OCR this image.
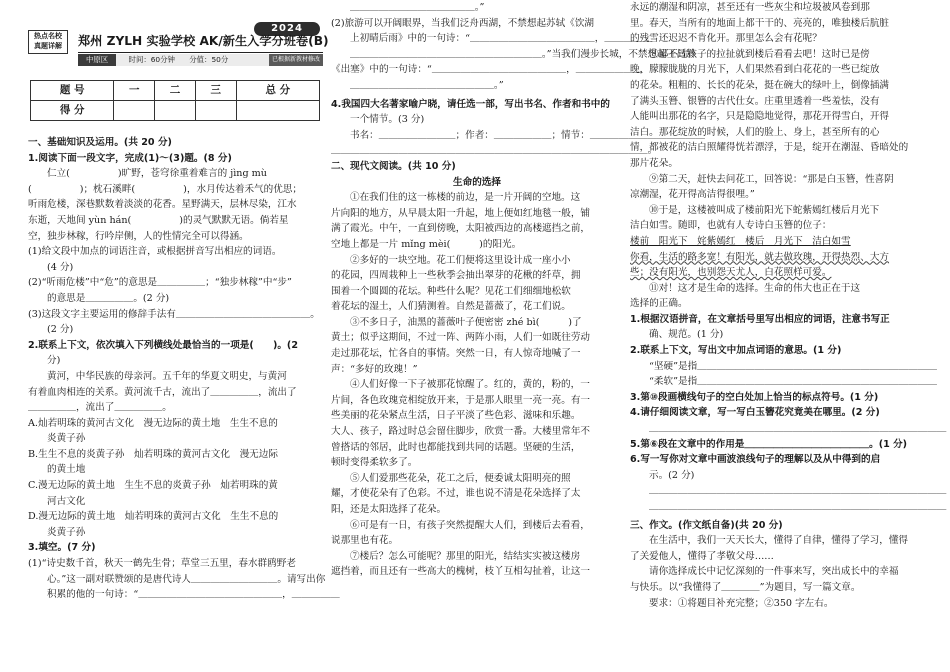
热点名校
真题详解
2024
郑州 ZYLH 实验学校 AK/新生入学分班卷(B)
中原区	时间：60分钟 分值：50分	已根据新教材修改
题 号	一	二	三	总 分
得 分				

一、基础知识及运用。(共 20 分)

1.阅读下面一段文字，完成(1)～(3)题。(8 分)

仁立(　　　　　)旷野，苍穹徐重着难言的 jìng mù

(　　　　　)；枕石溪畔(　　　　　)，水月传达着禾气的优思；

听雨危楼，深巷默数着淡淡的花香。星野满天，层林尽染，江水

东逝，天地间 yùn hán(　　　　　)的灵气默默无语。倘若星

空，独步林稼，行吟岸侧，人的性情完全可以得涵。

(1)给文段中加点的词语注音，或根据拼音写出相应的词语。

(4 分)

(2)“听雨危楼”中“危”的意思是＿＿＿＿＿；“独步林稼”中“步”

的意思是＿＿＿＿＿。(2 分)

(3)这段文字主要运用的修辞手法有＿＿＿＿＿＿＿＿＿＿＿＿＿＿。

(2 分)

2.联系上下文，依次填入下列横线处最恰当的一项是(　　)。(2

分)

黄河，中华民族的母亲河。五千年的华夏文明史，与黄河

有着血肉相连的关系。黄河流千古，流出了＿＿＿＿＿，流出了

＿＿＿＿＿，流出了＿＿＿＿＿。

A.灿若明珠的黄河古文化　漫无边际的黄土地　生生不息的

炎黄子孙

B.生生不息的炎黄子孙　灿若明珠的黄河古文化　漫无边际

的黄土地

C.漫无边际的黄土地　生生不息的炎黄子孙　灿若明珠的黄

河古文化

D.漫无边际的黄土地　灿若明珠的黄河古文化　生生不息的

炎黄子孙

3.填空。(7 分)

(1)“诗史数千首，秋天一鹤先生骨；草堂三五里，春水群鸥野老

心。”这一副对联赞颂的是唐代诗人＿＿＿＿＿＿＿＿＿。请写出你

积累的他的一句诗：“＿＿＿＿＿＿＿＿＿＿＿＿＿＿＿，＿＿＿＿＿

＿＿＿＿＿＿＿＿＿＿＿＿＿。”

(2)旅游可以开阔眼界，当我们泛舟西湖，不禁想起苏轼《饮湖

上初晴后雨》中的一句诗：“＿＿＿＿＿＿＿＿＿＿＿＿＿，＿＿＿＿＿

＿＿＿＿＿＿＿＿＿＿＿＿＿＿＿＿＿＿＿＿。”当我们漫步长城，不禁想起王昌龄

《出塞》中的一句诗：“＿＿＿＿＿＿＿＿＿＿＿＿＿＿，＿＿＿＿＿＿＿

＿＿＿＿＿＿＿＿＿＿＿＿＿＿＿。”

4.我国四大名著家喻户晓，请任选一部，写出书名、作者和书中的

一个情节。(3 分)

书名：＿＿＿＿＿＿＿＿；作者：＿＿＿＿＿＿；情节：＿＿＿＿＿＿＿＿＿＿＿＿

＿＿＿＿＿＿＿＿＿＿＿＿＿＿＿＿＿＿＿＿＿＿＿＿＿＿＿＿＿＿＿＿＿。

二、现代文阅读。(共 10 分)

生命的选择

①在我们住的这一栋楼的前边，是一片开阔的空地。这

片向阳的地方，从早晨太阳一升起，地上便如红地毯一般，铺

满了霞光。中午，一直到傍晚，太阳被西边的高楼遮挡之前，

空地上都是一片 mǐng mèi(　　　)的阳光。

②多好的一块空地。花工们便将这里设计成一座小小

的花园，四周栽种上一些秋季会抽出翠芽的花楸的纤草，拥

围着一个圆圆的花坛。种些什么呢？见花工们细细地松软

着花坛的湿土，人们猜测着。自然是蔷薇了，花工们说。

③不多日子，油黑的蔷薇叶子便密密 zhé bì(　　　)了

黄土；似乎这期间，不过一阵、两阵小雨，人们一如既往劳动

走过那花坛，忙各自的事情。突然一日，有人惊奇地喊了一

声：“多好的玫瑰！”

④人们好像一下子被那花惊醒了。红的，黄的，粉的，一

片间，各色玫瑰竞相绽放开来，于是那人眼里一亮一亮。有一

些美丽的花朵紧点生活，日子平淡了些色彩、滋味和乐趣。

大人、孩子，路过时总会留住脚步，欣赏一番。大楼里常年不

曾搭话的邻居，此时也都能找到共同的话题。坚硬的生活，

顿时变得柔软多了。

⑤人们爱那些花朵，花工之后，便委诚太阳明亮的照

耀，才使花朵有了色彩。不过，谁也说不清是花朵选择了太

阳，还是太阳选择了花朵。

⑥可是有一日，有孩子突然提醒大人们，到楼后去看看，

说那里也有花。

⑦楼后？怎么可能呢？那里的阳光，结结实实被这楼房

遮挡着，而且还有一些高大的槐树，枝丫互相勾扯着，让这一

永远的潮湿和阴凉，甚至还有一些灰尘和垃圾被风卷到那

里。春天，当所有的地面上都干干的、亮亮的，唯独楼后肮脏

的残雪还迟迟不肯化开。那里怎么会有花呢？

⑧鄙不过孩子的拉扯就到楼后看看去吧！这时已是傍

晚，朦朦胧胧的月光下，人们果然看到白花花的一些已绽放

的花朵。粗粗的、长长的花朵，挺在碗大的绿叶上，倒像插满

了满头玉簪、银簪的古代仕女。庄重里透着一些羞怯，没有

人能叫出那花的名字，只是隐隐地觉得，那花开得雪白，开得

洁白。那花绽放的时候，人们的脸上、身上，甚至所有的心

情，都被花的洁白照耀得恍若漂浮，于是，绽开在潮湿、昏暗处的

那片花朵。

⑨第二天，赶快去问花工，回答说：“那是白玉簪，性喜阴

凉潮湿，花开得高洁得很哩。”

⑩于是，这楼被叫成了楼前阳光下蛇紫嫣红楼后月光下

洁白如雪。随即，也就有人专诗白玉簪的位子：

楼前　阳光下　姹紫嫣红　楼后　月光下　洁白如雪

你看，生活的路多宽！有阳光，就去做玫瑰，开得热烈、大方

些；没有阳光，也别怨天尤人，白花照样可爱。

⑪对！这才是生命的选择。生命的伟大也正在于这

选择的正确。

1.根据汉语拼音，在文章括号里写出相应的词语，注意书写正

确、规范。(1 分)

2.联系上下文，写出文中加点词语的意思。(1 分)

“坚硬”是指＿＿＿＿＿＿＿＿＿＿＿＿＿＿＿＿＿＿＿＿＿＿＿＿＿

“柔软”是指＿＿＿＿＿＿＿＿＿＿＿＿＿＿＿＿＿＿＿＿＿＿＿＿＿

3.第⑩段画横线句子的空白处加上恰当的标点符号。(1 分)

4.请仔细阅读文章，写一写白玉簪花究竟美在哪里。(2 分)

＿＿＿＿＿＿＿＿＿＿＿＿＿＿＿＿＿＿＿＿＿＿＿＿＿＿＿＿＿＿＿

5.第⑥段在文章中的作用是＿＿＿＿＿＿＿＿＿＿＿＿＿。(1 分)

6.写一写你对文章中画波浪线句子的理解以及从中得到的启

示。(2 分)

＿＿＿＿＿＿＿＿＿＿＿＿＿＿＿＿＿＿＿＿＿＿＿＿＿＿＿＿＿＿＿

＿＿＿＿＿＿＿＿＿＿＿＿＿＿＿＿＿＿＿＿＿＿＿＿＿＿＿＿＿＿＿

三、作文。(作文纸自备)(共 20 分)

在生活中，我们一天天长大，懂得了自律，懂得了学习，懂得

了关爱他人，懂得了孝敬父母……

请你选择成长中记忆深刻的一件事来写，突出成长中的幸福

与快乐。以“我懂得了＿＿＿＿”为题目，写一篇文章。

要求：①将题目补充完整；②350 字左右。
